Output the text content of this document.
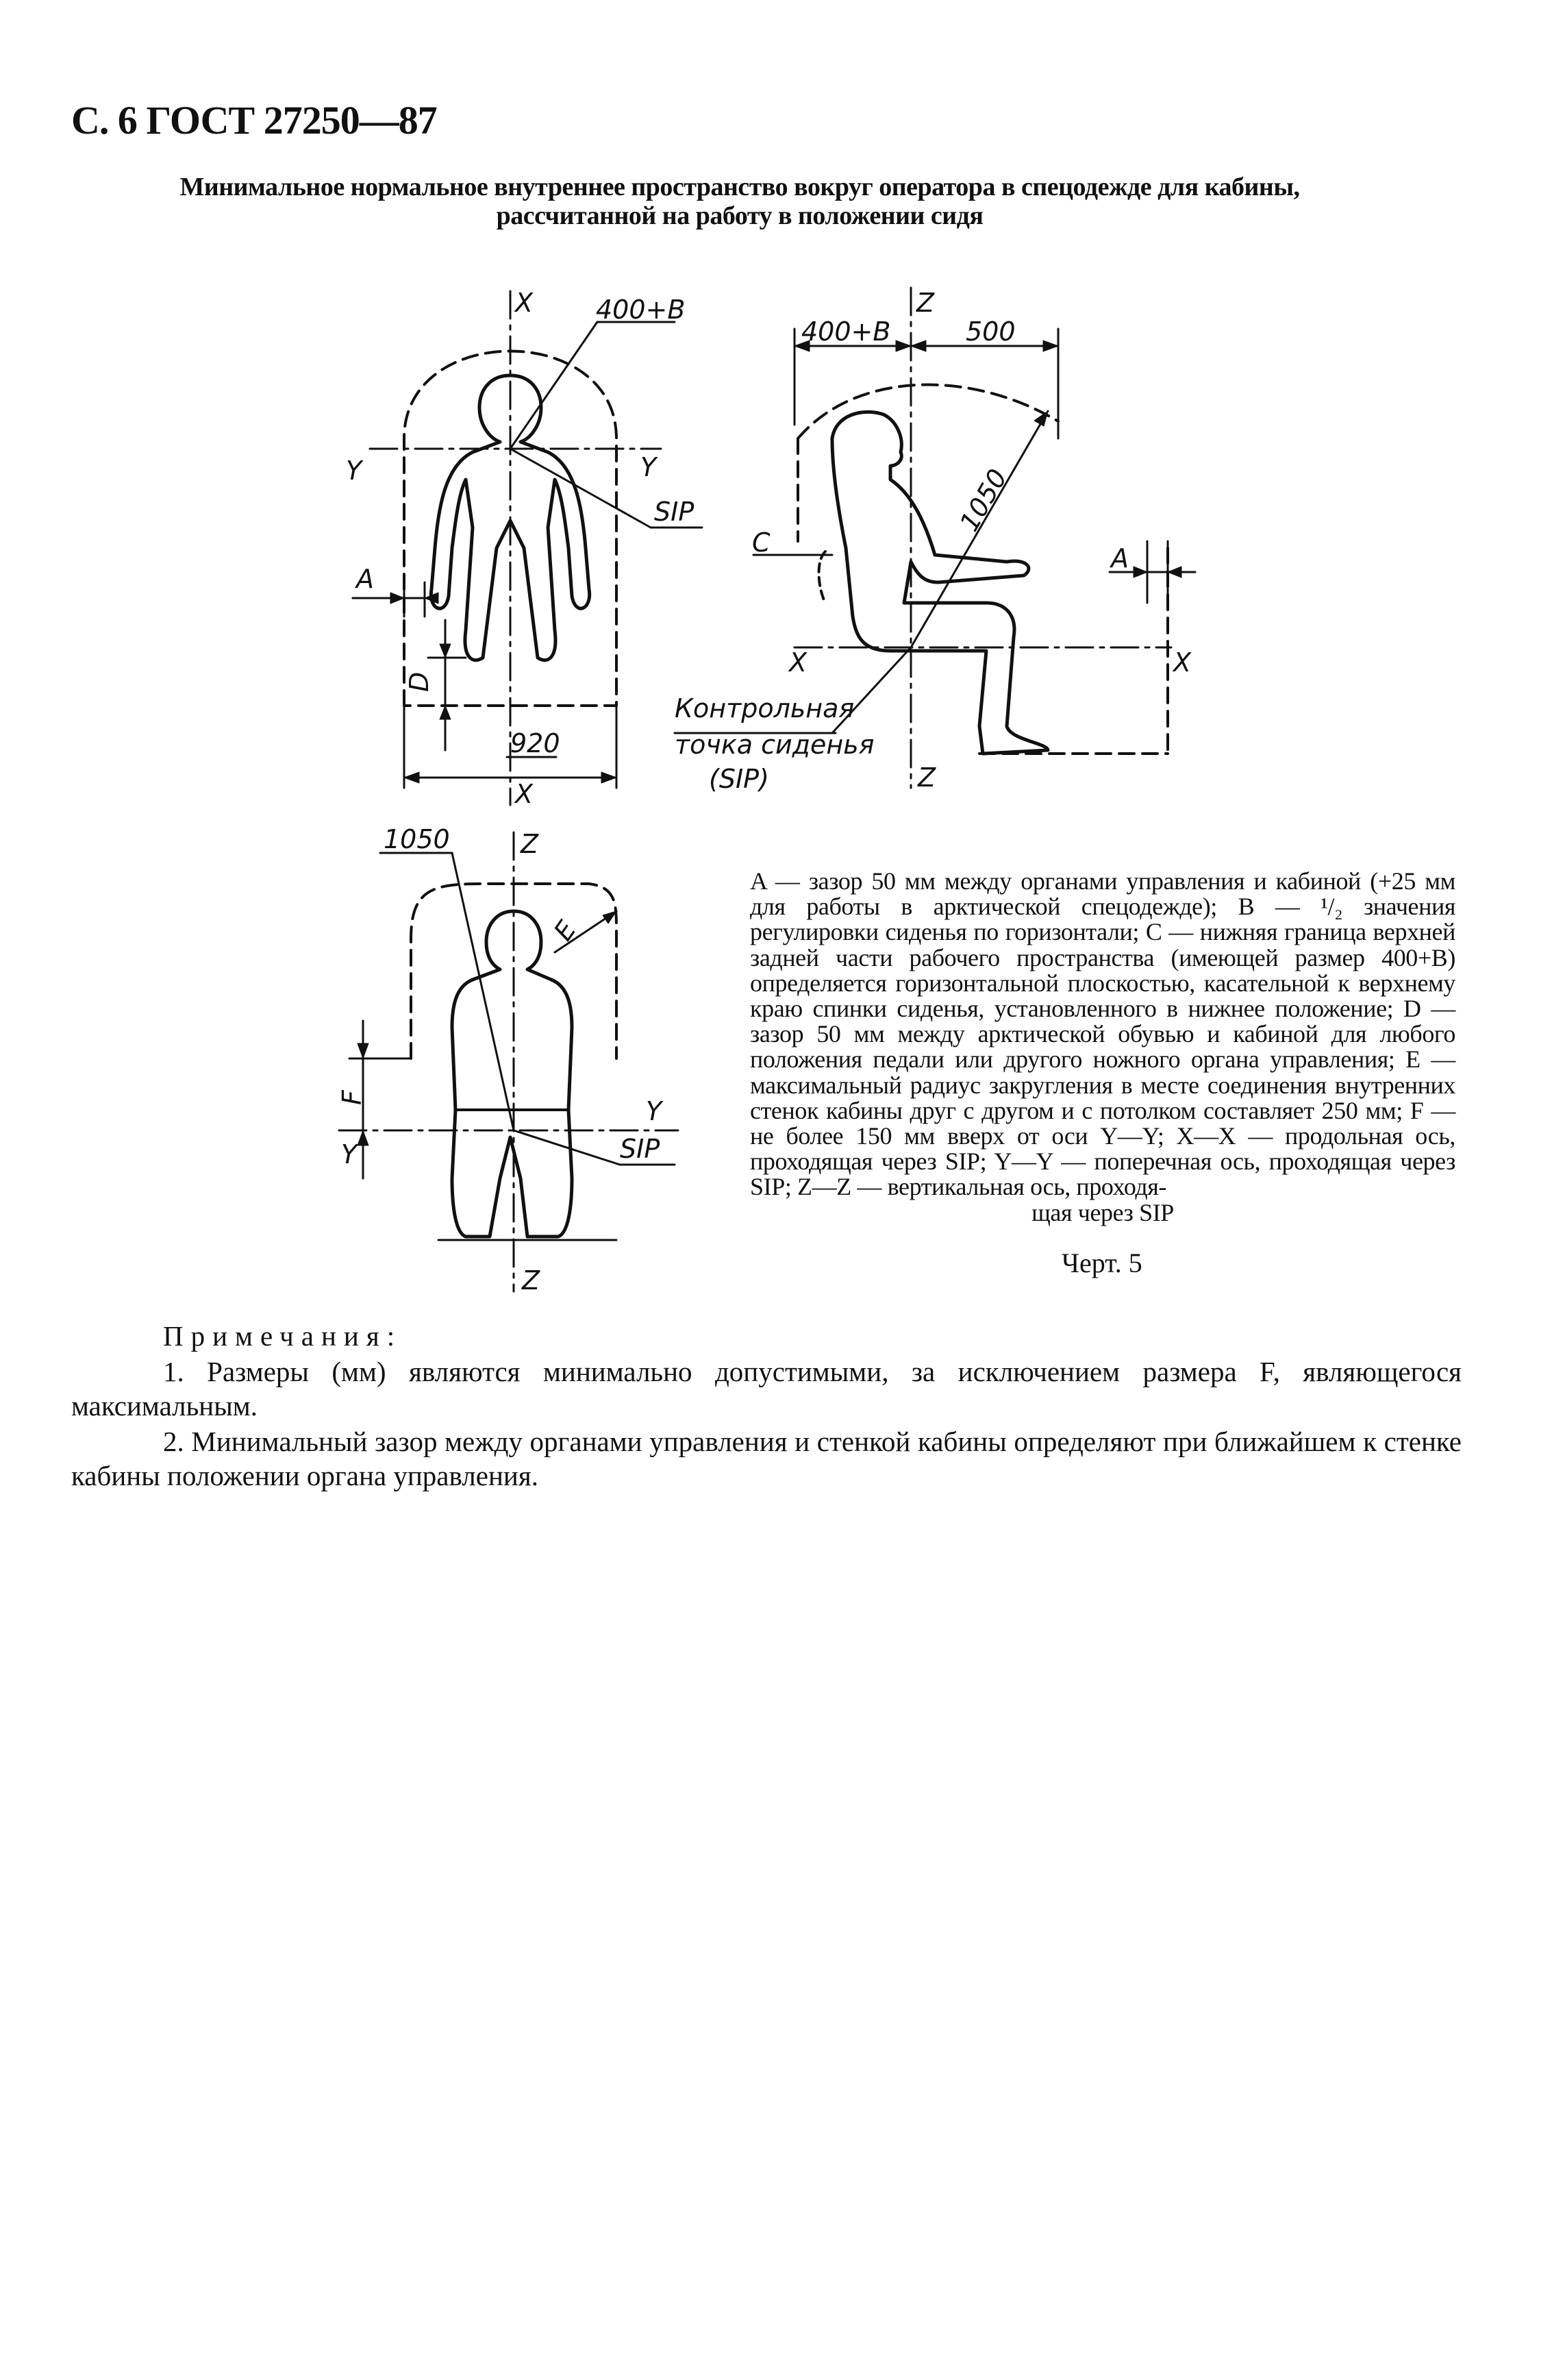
С. 6 ГОСТ 27250—87
Минимальное нормальное внутреннее пространство вокруг оператора в спецодежде для кабины,
рассчитанной на работу в положении сидя
X
X
Y	Y
400+В
SIP
A
D
920
Z
Z
X	X
400+В	500
1050
C
A
Контрольная
точка сиденья
(SIP)
Z
Z
Y
Y
1050
E
F
SIP
A — зазор 50 мм между органами управления и кабиной (+25 мм для работы в арктической спецодежде); В — ¹/₂ значения регулировки сиденья по горизонтали; С — нижняя граница верхней задней части рабочего пространства (имеющей размер 400+В) определяется горизонтальной плоскостью, касательной к верхнему краю спинки сиденья, установленного в нижнее положение; D — зазор 50 мм между арктической обувью и кабиной для любого положения педали или другого ножного органа управления; Е — максимальный радиус закругления в месте соединения внутренних стенок кабины друг с другом и с потолком составляет 250 мм; F — не более 150 мм вверх от оси Y—Y; X—X — продольная ось, проходящая через SIP; Y—Y — поперечная ось, проходящая через SIP; Z—Z — вертикальная ось, проходя-
щая через SIP
Черт. 5
Примечания:

1. Размеры (мм) являются минимально допустимыми, за исключением размера F, являющегося максимальным.

2. Минимальный зазор между органами управления и стенкой кабины определяют при ближайшем к стенке кабины положении органа управления.
